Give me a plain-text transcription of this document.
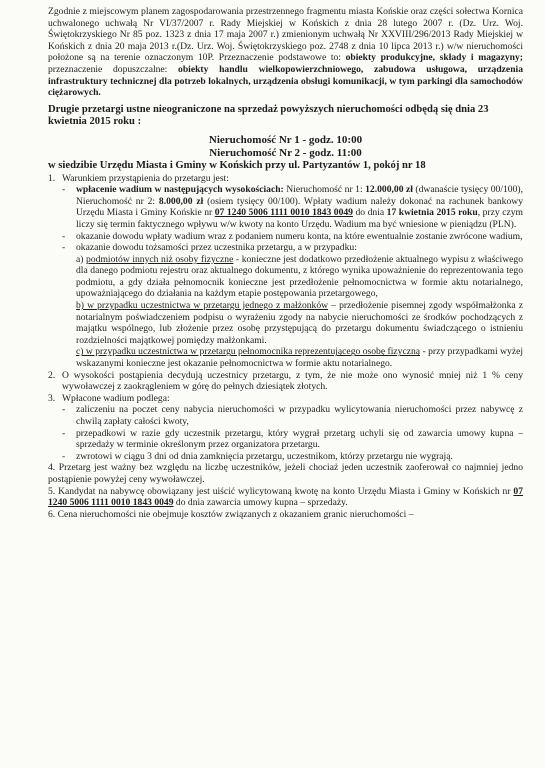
Zgodnie z miejscowym planem zagospodarowania przestrzennego fragmentu miasta Końskie oraz części sołectwa Kornica uchwalonego uchwałą Nr VI/37/2007 r. Rady Miejskiej w Końskich z dnia 28 lutego 2007 r. (Dz. Urz. Woj. Świętokrzyskiego Nr 85 poz. 1323 z dnia 17 maja 2007 r.) zmienionym uchwałą Nr XXVIII/296/2013 Rady Miejskiej w Końskich z dnia 20 maja 2013 r.(Dz. Urz. Woj. Świętokrzyskiego poz. 2748 z dnia 10 lipca 2013 r.) w/w nieruchomości położone są na terenie oznaczonym 10P. Przeznaczenie podstawowe to: obiekty produkcyjne, składy i magazyny; przeznaczenie dopuszczalne: obiekty handlu wielkopowierzchniowego, zabudowa usługowa, urządzenia infrastruktury technicznej dla potrzeb lokalnych, urządzenia obsługi komunikacji, w tym parkingi dla samochodów ciężarowych.

Drugie przetargi ustne nieograniczone na sprzedaż powyższych nieruchomości odbędą się dnia 23 kwietnia 2015 roku :

Nieruchomość Nr 1 - godz. 10:00
Nieruchomość Nr 2 - godz. 11:00
w siedzibie Urzędu Miasta i Gminy w Końskich przy ul. Partyzantów 1, pokój nr 18
1. Warunkiem przystąpienia do przetargu jest:
-	wpłacenie wadium w następujących wysokościach: Nieruchomość nr 1: 12.000,00 zł (dwanaście tysięcy 00/100), Nieruchomość nr 2: 8.000,00 zł (osiem tysięcy 00/100). Wpłaty wadium należy dokonać na rachunek bankowy Urzędu Miasta i Gminy Końskie nr 07 1240 5006 1111 0010 1843 0049 do dnia 17 kwietnia 2015 roku, przy czym liczy się termin faktycznego wpływu w/w kwoty na konto Urzędu. Wadium ma być wniesione w pieniądzu (PLN).
-	okazanie dowodu wpłaty wadium wraz z podaniem numeru konta, na które ewentualnie zostanie zwrócone wadium,
-	okazanie dowodu tożsamości przez uczestnika przetargu, a w przypadku:

a) podmiotów innych niż osoby fizyczne - konieczne jest dodatkowo przedłożenie aktualnego wypisu z właściwego dla danego podmiotu rejestru oraz aktualnego dokumentu, z którego wynika upoważnienie do reprezentowania tego podmiotu, a gdy działa pełnomocnik konieczne jest przedłożenie pełnomocnictwa w formie aktu notarialnego, upoważniającego do działania na każdym etapie postępowania przetargowego,

b) w przypadku uczestnictwa w przetargu jednego z małżonków – przedłożenie pisemnej zgody współmałżonka z notarialnym poświadczeniem podpisu o wyrażeniu zgody na nabycie nieruchomości ze środków pochodzących z majątku wspólnego, lub złożenie przez osobę przystępującą do przetargu dokumentu świadczącego o istnieniu rozdzielności majątkowej pomiędzy małżonkami.

c) w przypadku uczestnictwa w przetargu pełnomocnika reprezentującego osobę fizyczną - przy przypadkami wyżej wskazanymi konieczne jest okazanie pełnomocnictwa w formie aktu notarialnego.

2. O wysokości postąpienia decydują uczestnicy przetargu, z tym, że nie może ono wynosić mniej niż 1 % ceny wywoławczej z zaokrągleniem w górę do pełnych dziesiątek złotych.
3. Wpłacone wadium podlega:
-	zaliczeniu na poczet ceny nabycia nieruchomości w przypadku wylicytowania nieruchomości przez nabywcę z chwilą zapłaty całości kwoty,
-	przepadkowi w razie gdy uczestnik przetargu, który wygrał przetarg uchyli się od zawarcia umowy kupna – sprzedaży w terminie określonym przez organizatora przetargu.
-	zwrotowi w ciągu 3 dni od dnia zamknięcia przetargu, uczestnikom, którzy przetargu nie wygrają.

4. Przetarg jest ważny bez względu na liczbę uczestników, jeżeli chociaż jeden uczestnik zaoferował co najmniej jedno postąpienie powyżej ceny wywoławczej.

5. Kandydat na nabywcę obowiązany jest uiścić wylicytowaną kwotę na konto Urzędu Miasta i Gminy w Końskich nr 07 1240 5006 1111 0010 1843 0049 do dnia zawarcia umowy kupna – sprzedaży.

6. Cena nieruchomości nie obejmuje kosztów związanych z okazaniem granic nieruchomości –
